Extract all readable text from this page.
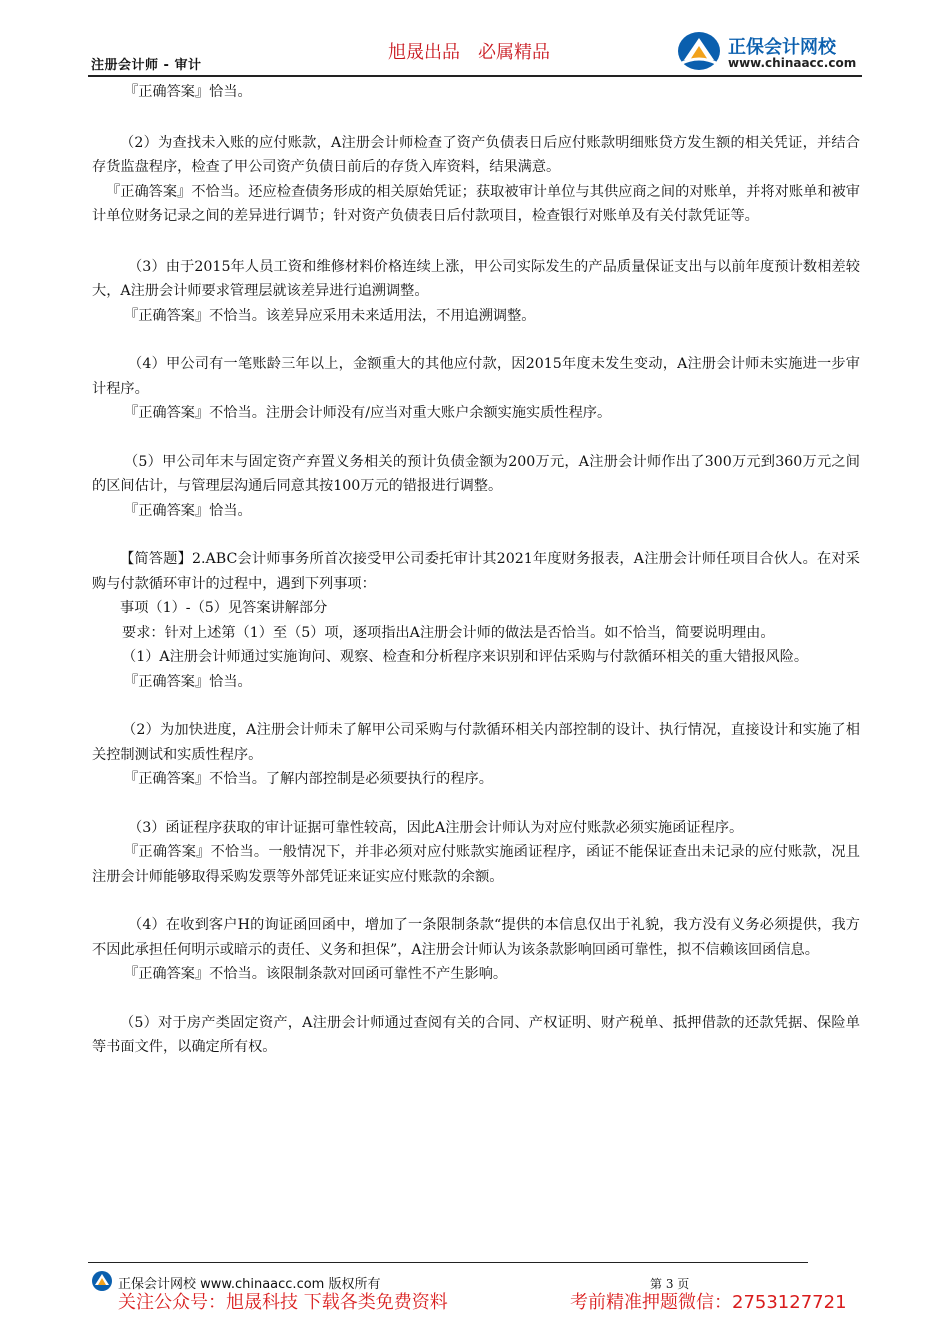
注册会计师 - 审计
旭晟出品　必属精品	正保会计网校
www.chinaacc.com

『正确答案』恰当。

（2）为查找未入账的应付账款，A注册会计师检查了资产负债表日后应付账款明细账贷方发生额的相关凭证，并结合存货监盘程序，检查了甲公司资产负债日前后的存货入库资料，结果满意。

『正确答案』不恰当。还应检查债务形成的相关原始凭证；获取被审计单位与其供应商之间的对账单，并将对账单和被审计单位财务记录之间的差异进行调节；针对资产负债表日后付款项目，检查银行对账单及有关付款凭证等。

（3）由于2015年人员工资和维修材料价格连续上涨，甲公司实际发生的产品质量保证支出与以前年度预计数相差较大，A注册会计师要求管理层就该差异进行追溯调整。

『正确答案』不恰当。该差异应采用未来适用法，不用追溯调整。

（4）甲公司有一笔账龄三年以上，金额重大的其他应付款，因2015年度未发生变动，A注册会计师未实施进一步审计程序。

『正确答案』不恰当。注册会计师没有/应当对重大账户余额实施实质性程序。

（5）甲公司年末与固定资产弃置义务相关的预计负债金额为200万元，A注册会计师作出了300万元到360万元之间的区间估计，与管理层沟通后同意其按100万元的错报进行调整。

『正确答案』恰当。

【简答题】2.ABC会计师事务所首次接受甲公司委托审计其2021年度财务报表，A注册会计师任项目合伙人。在对采购与付款循环审计的过程中，遇到下列事项：

事项（1）-（5）见答案讲解部分

要求：针对上述第（1）至（5）项，逐项指出A注册会计师的做法是否恰当。如不恰当，简要说明理由。

（1）A注册会计师通过实施询问、观察、检查和分析程序来识别和评估采购与付款循环相关的重大错报风险。

『正确答案』恰当。

（2）为加快进度，A注册会计师未了解甲公司采购与付款循环相关内部控制的设计、执行情况，直接设计和实施了相关控制测试和实质性程序。

『正确答案』不恰当。了解内部控制是必须要执行的程序。

（3）函证程序获取的审计证据可靠性较高，因此A注册会计师认为对应付账款必须实施函证程序。

『正确答案』不恰当。一般情况下，并非必须对应付账款实施函证程序，函证不能保证查出未记录的应付账款，况且注册会计师能够取得采购发票等外部凭证来证实应付账款的余额。

（4）在收到客户H的询证函回函中，增加了一条限制条款“提供的本信息仅出于礼貌，我方没有义务必须提供，我方不因此承担任何明示或暗示的责任、义务和担保”，A注册会计师认为该条款影响回函可靠性，拟不信赖该回函信息。

『正确答案』不恰当。该限制条款对回函可靠性不产生影响。

（5）对于房产类固定资产，A注册会计师通过查阅有关的合同、产权证明、财产税单、抵押借款的还款凭据、保险单等书面文件，以确定所有权。

正保会计网校 www.chinaacc.com 版权所有	第 3 页
关注公众号：旭晟科技 下载各类免费资料	考前精准押题微信：2753127721
